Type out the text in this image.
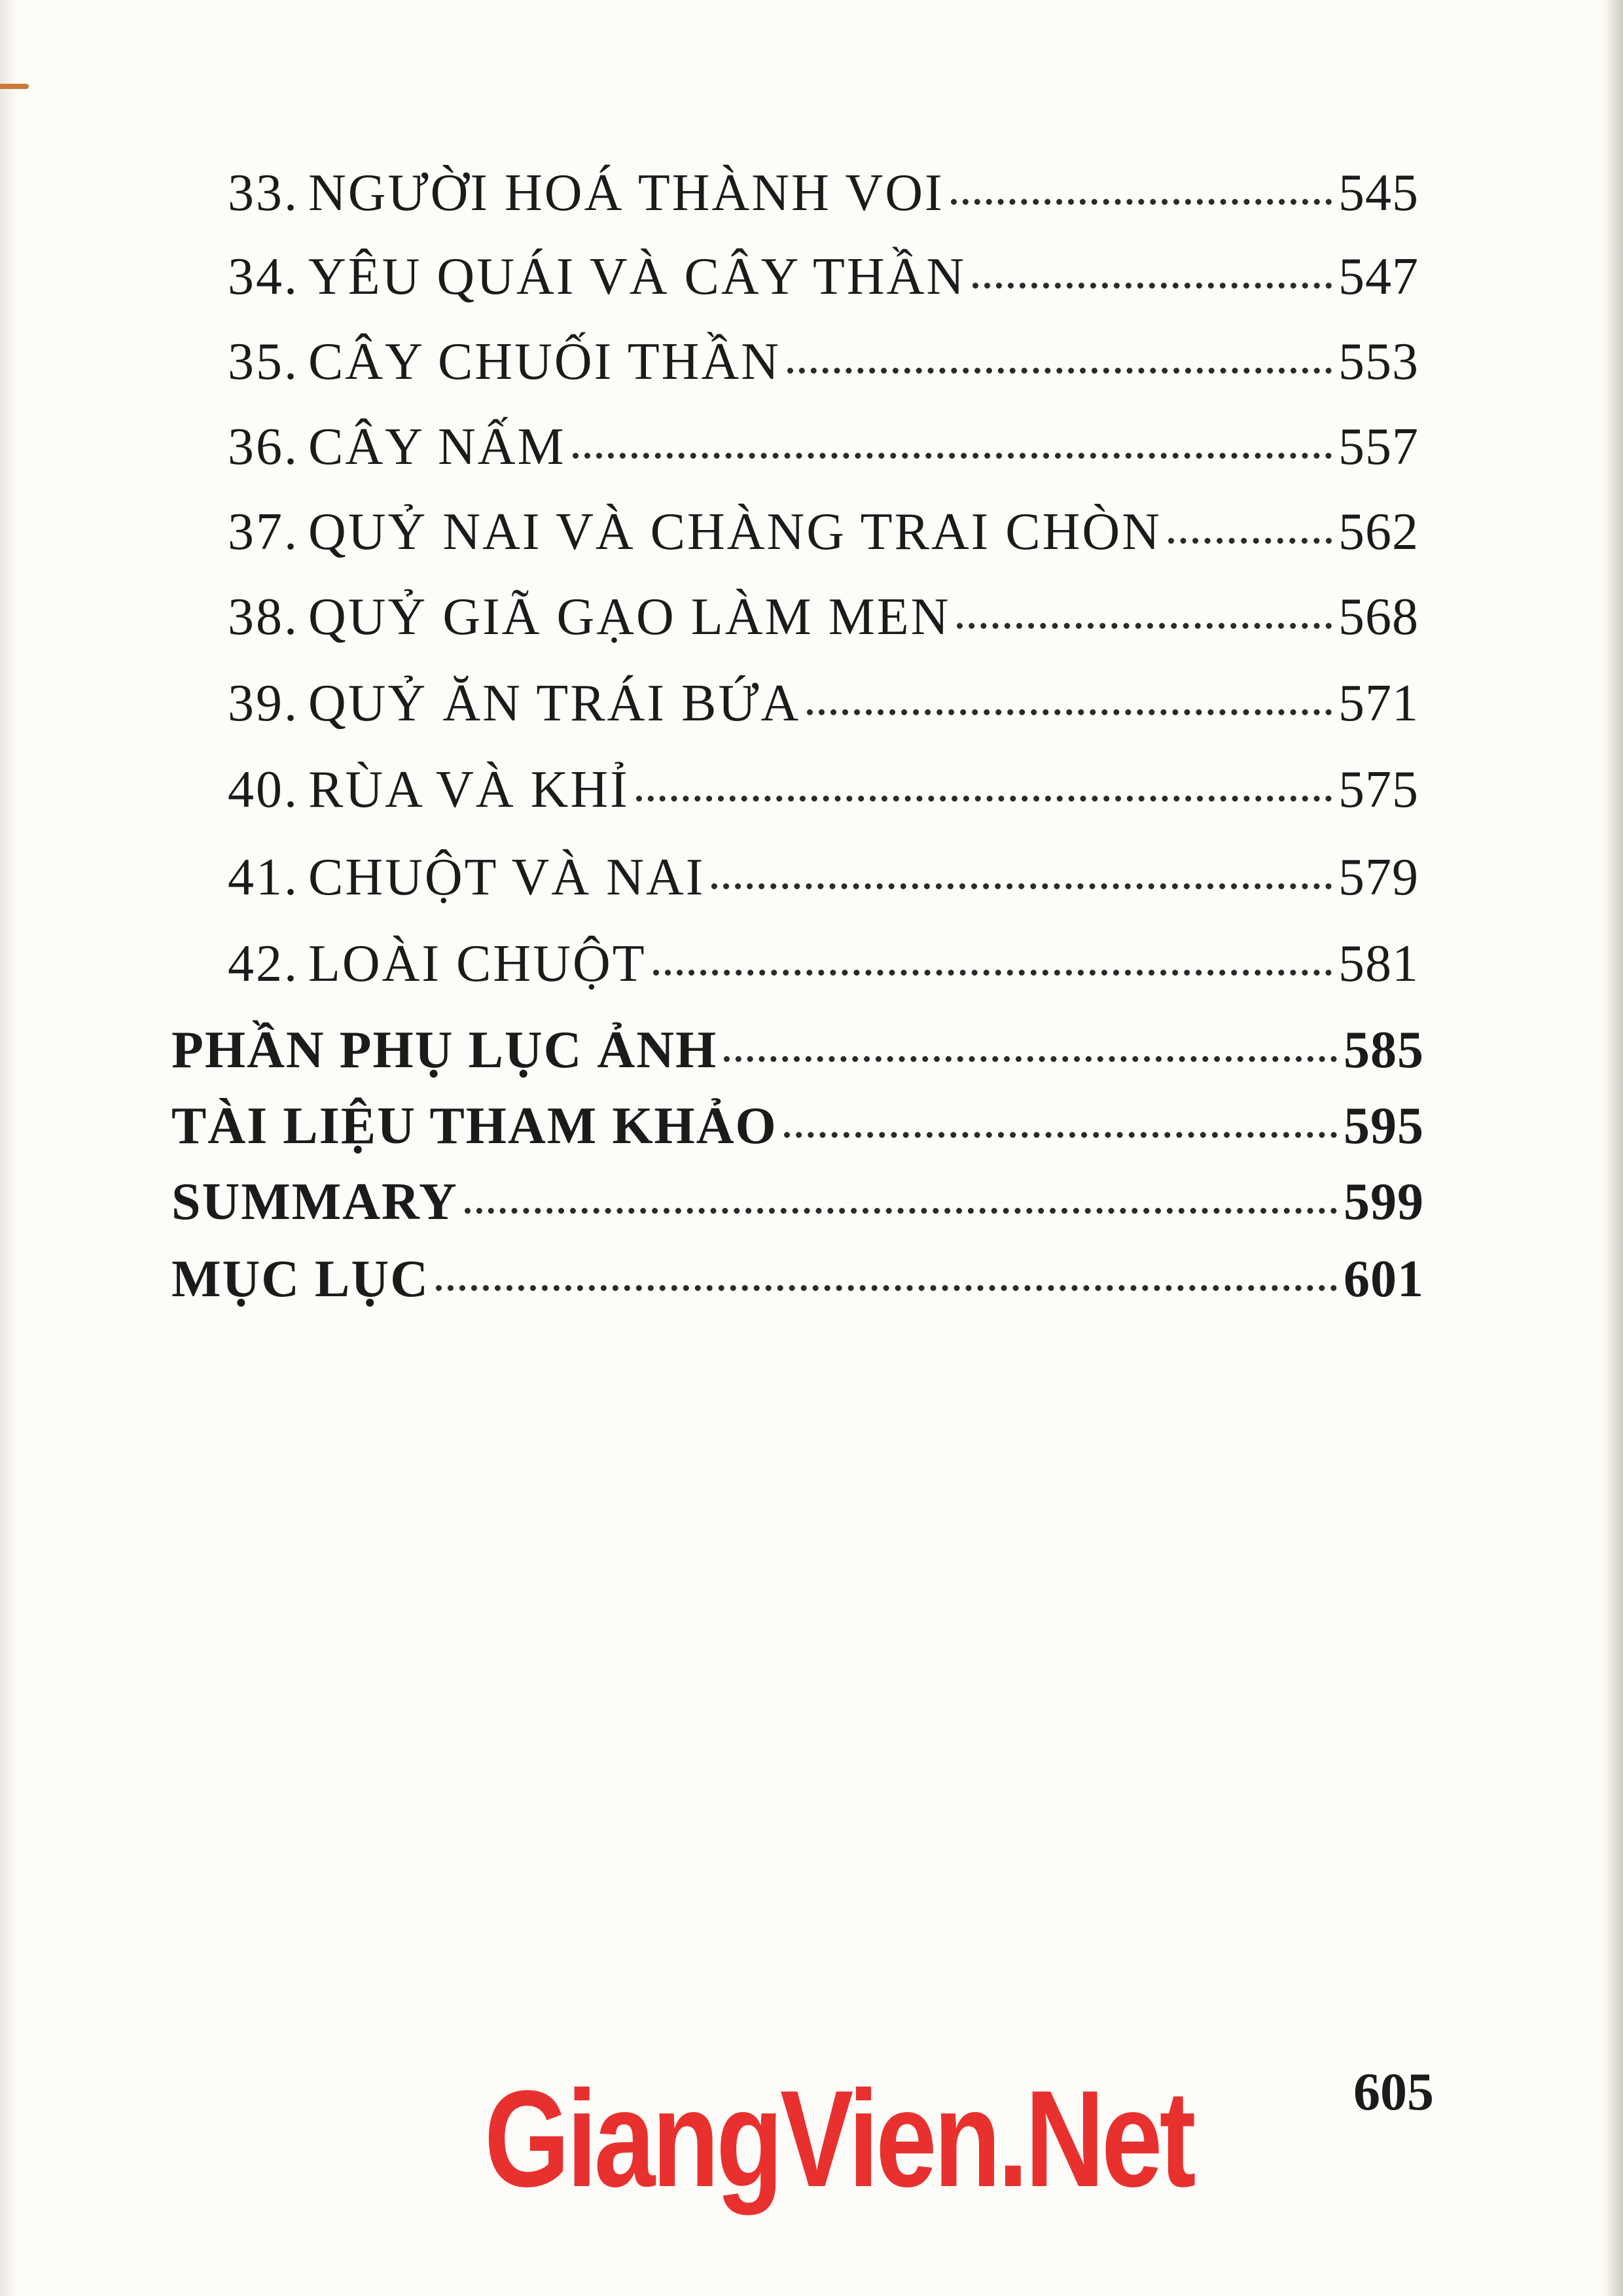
33. NGƯỜI HOÁ THÀNH VOI	545
34. YÊU QUÁI VÀ CÂY THẦN	547
35. CÂY CHUỐI THẦN	553
36. CÂY NẤM	557
37. QUỶ NAI VÀ CHÀNG TRAI CHÒN	562
38. QUỶ GIÃ GẠO LÀM MEN	568
39. QUỶ ĂN TRÁI BỨA	571
40. RÙA VÀ KHỈ	575
41. CHUỘT VÀ NAI	579
42. LOÀI CHUỘT	581
PHẦN PHỤ LỤC ẢNH	585
TÀI LIỆU THAM KHẢO	595
SUMMARY	599
MỤC LỤC	601
605
GiangVien.Net
